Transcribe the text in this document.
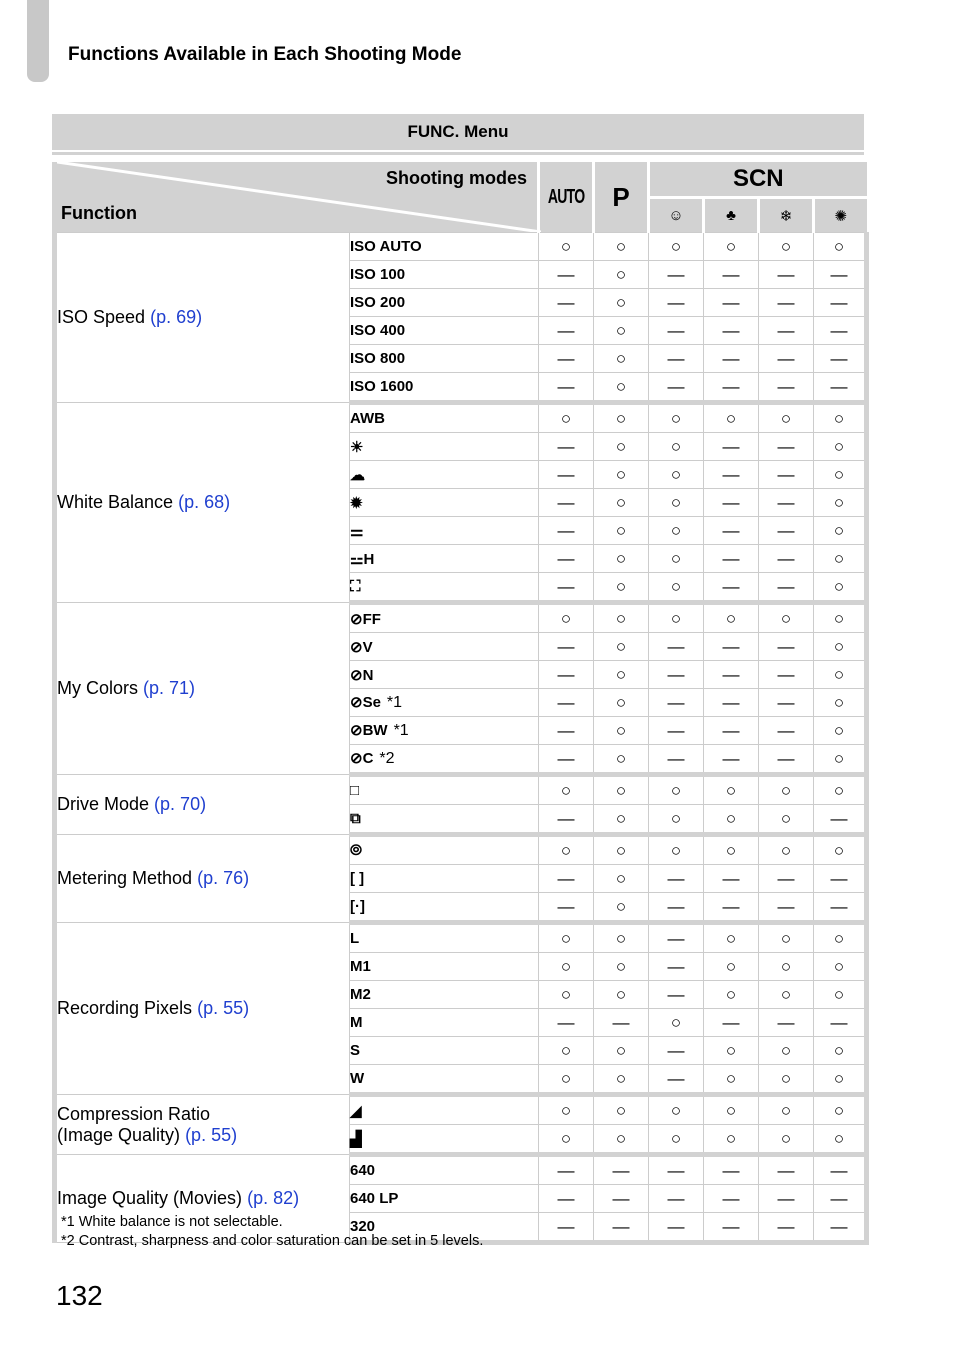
Functions Available in Each Shooting Mode
FUNC. Menu
Shooting modes
Function		AUTO	P	SCN			
				☺	♣	❄	✺
ISO Speed (p. 69)	ISO AUTO	○	○	○	○	○	○
	ISO 100	—	○	—	—	—	—
	ISO 200	—	○	—	—	—	—
	ISO 400	—	○	—	—	—	—
	ISO 800	—	○	—	—	—	—
	ISO 1600	—	○	—	—	—	—
White Balance (p. 68)	AWB	○	○	○	○	○	○
	☀	—	○	○	—	—	○
	☁	—	○	○	—	—	○
	✹	—	○	○	—	—	○
	⚌	—	○	○	—	—	○
	⚍H	—	○	○	—	—	○
	⛶	—	○	○	—	—	○
My Colors (p. 71)	⊘FF	○	○	○	○	○	○
	⊘V	—	○	—	—	—	○
	⊘N	—	○	—	—	—	○
	⊘Se *1	—	○	—	—	—	○
	⊘BW *1	—	○	—	—	—	○
	⊘C *2	—	○	—	—	—	○
Drive Mode (p. 70)	□	○	○	○	○	○	○
	⧉	—	○	○	○	○	—
Metering Method (p. 76)	⦾	○	○	○	○	○	○
	[ ]	—	○	—	—	—	—
	[·]	—	○	—	—	—	—
Recording Pixels (p. 55)	L	○	○	—	○	○	○
	M1	○	○	—	○	○	○
	M2	○	○	—	○	○	○
	M	—	—	○	—	—	—
	S	○	○	—	○	○	○
	W	○	○	—	○	○	○
Compression Ratio
(Image Quality) (p. 55)	◢	○	○	○	○	○	○
	▟	○	○	○	○	○	○
Image Quality (Movies) (p. 82)	640	—	—	—	—	—	—
	640 LP	—	—	—	—	—	—
	320	—	—	—	—	—	—
*1 White balance is not selectable.
*2 Contrast, sharpness and color saturation can be set in 5 levels.
132
